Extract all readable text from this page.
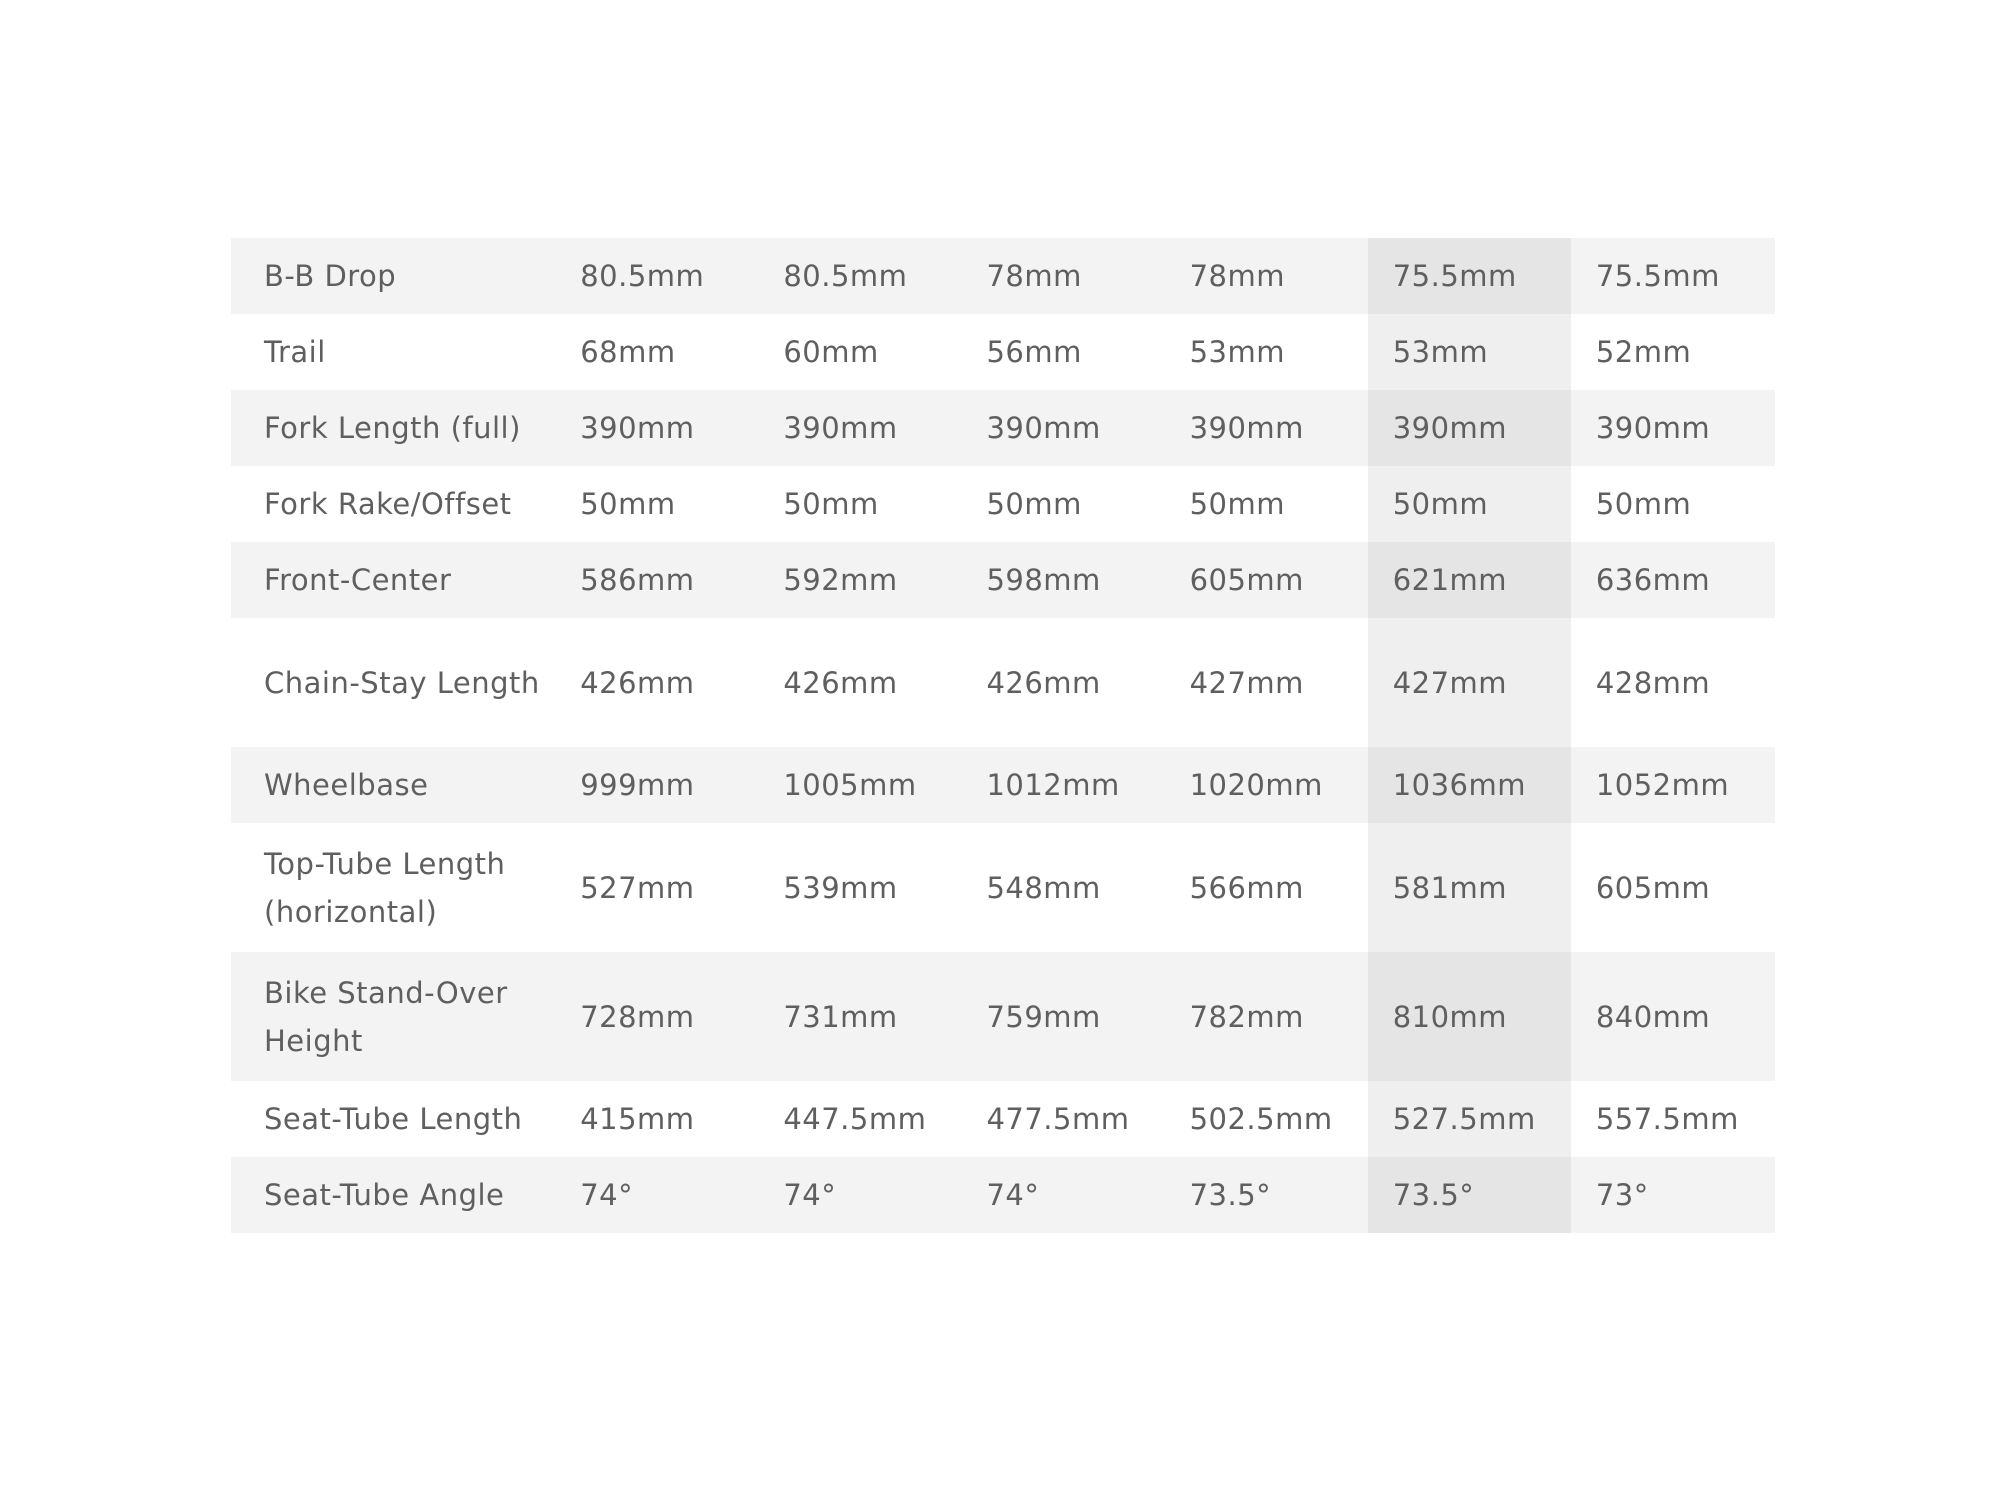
B-B Drop	80.5mm	80.5mm	78mm	78mm	75.5mm	75.5mm
Trail	68mm	60mm	56mm	53mm	53mm	52mm
Fork Length (full)	390mm	390mm	390mm	390mm	390mm	390mm
Fork Rake/Offset	50mm	50mm	50mm	50mm	50mm	50mm
Front-Center	586mm	592mm	598mm	605mm	621mm	636mm
Chain-Stay Length	426mm	426mm	426mm	427mm	427mm	428mm
Wheelbase	999mm	1005mm	1012mm	1020mm	1036mm	1052mm
Top-Tube Length (horizontal)	527mm	539mm	548mm	566mm	581mm	605mm
Bike Stand-Over Height	728mm	731mm	759mm	782mm	810mm	840mm
Seat-Tube Length	415mm	447.5mm	477.5mm	502.5mm	527.5mm	557.5mm
Seat-Tube Angle	74°	74°	74°	73.5°	73.5°	73°
